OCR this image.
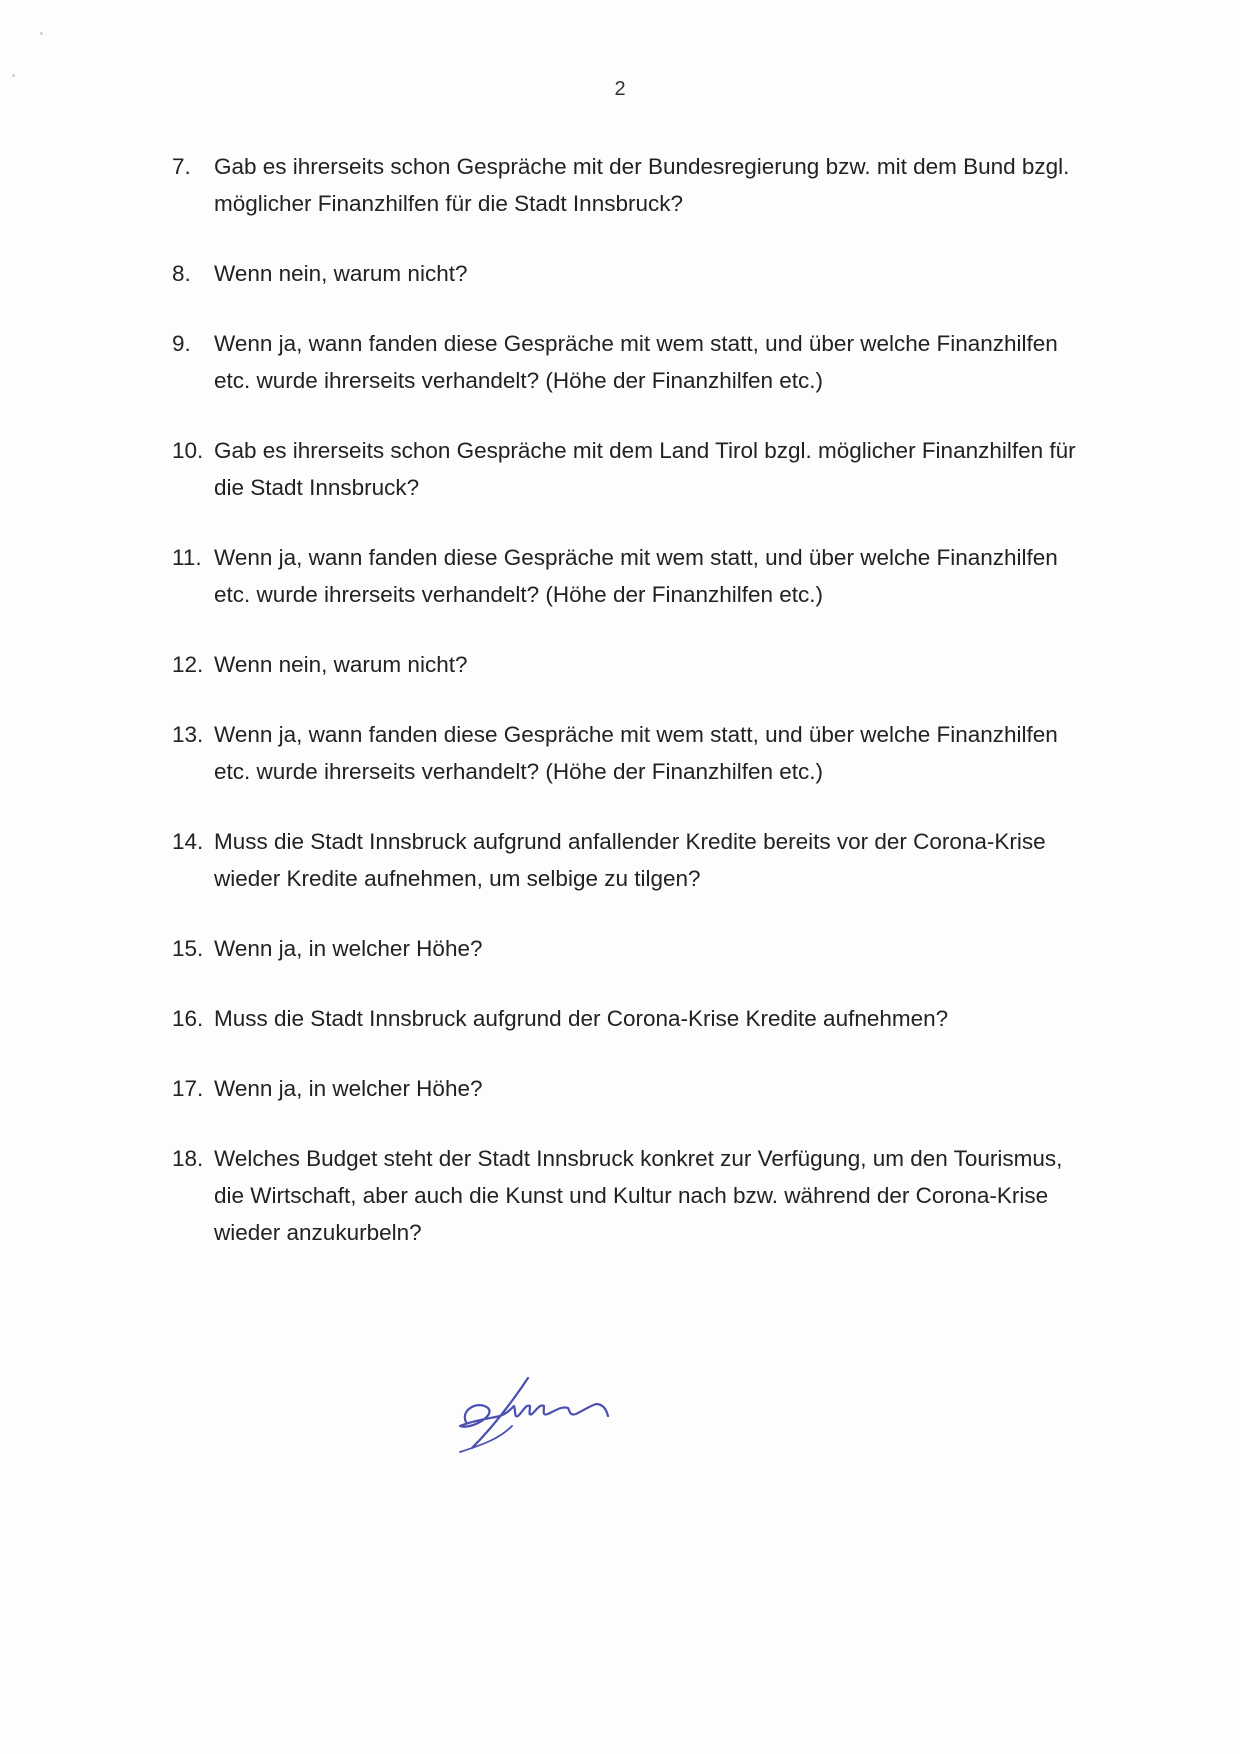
2
7. Gab es ihrerseits schon Gespräche mit der Bundesregierung bzw. mit dem Bund bzgl. möglicher Finanzhilfen für die Stadt Innsbruck?
8. Wenn nein, warum nicht?
9. Wenn ja, wann fanden diese Gespräche mit wem statt, und über welche Finanzhilfen etc. wurde ihrerseits verhandelt? (Höhe der Finanzhilfen etc.)
10. Gab es ihrerseits schon Gespräche mit dem Land Tirol bzgl. möglicher Finanzhilfen für die Stadt Innsbruck?
11. Wenn ja, wann fanden diese Gespräche mit wem statt, und über welche Finanzhilfen etc. wurde ihrerseits verhandelt? (Höhe der Finanzhilfen etc.)
12. Wenn nein, warum nicht?
13. Wenn ja, wann fanden diese Gespräche mit wem statt, und über welche Finanzhilfen etc. wurde ihrerseits verhandelt? (Höhe der Finanzhilfen etc.)
14. Muss die Stadt Innsbruck aufgrund anfallender Kredite bereits vor der Corona-Krise wieder Kredite aufnehmen, um selbige zu tilgen?
15. Wenn ja, in welcher Höhe?
16. Muss die Stadt Innsbruck aufgrund der Corona-Krise Kredite aufnehmen?
17. Wenn ja, in welcher Höhe?
18. Welches Budget steht der Stadt Innsbruck konkret zur Verfügung, um den Tourismus, die Wirtschaft, aber auch die Kunst und Kultur nach bzw. während der Corona-Krise wieder anzukurbeln?
